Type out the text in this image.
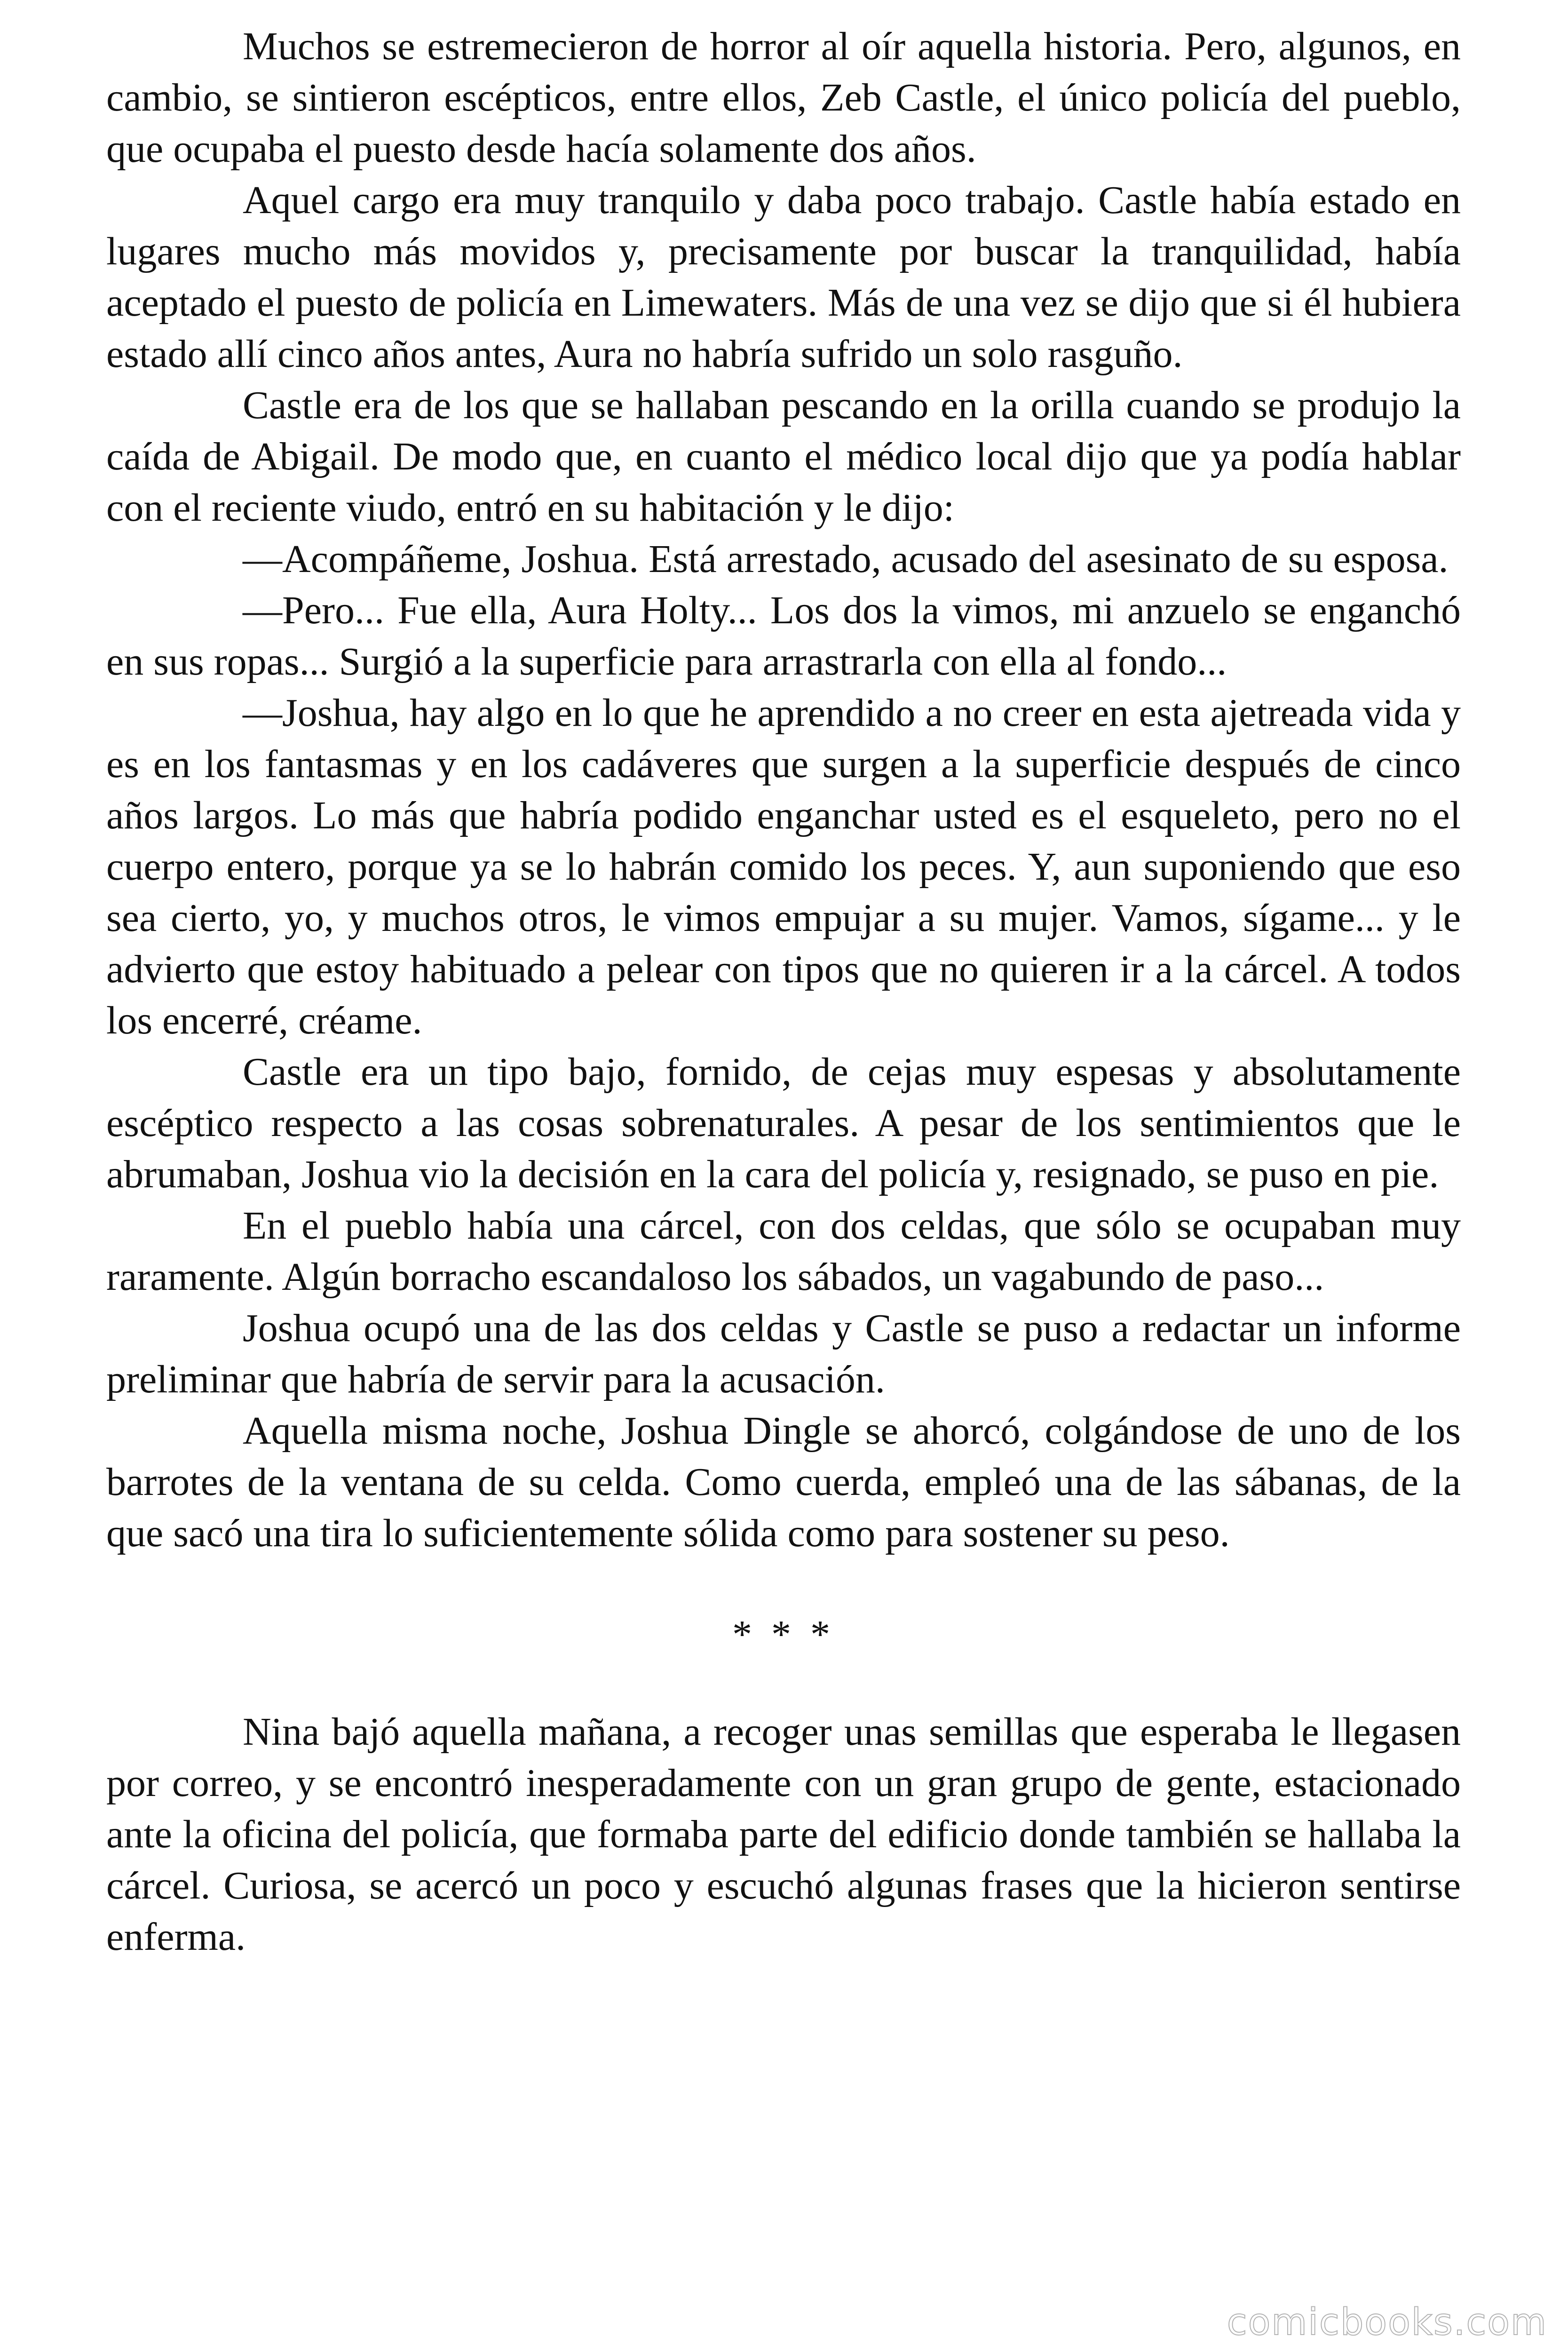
Muchos se estremecieron de horror al oír aquella historia. Pero, algunos, en cambio, se sintieron escépticos, entre ellos, Zeb Castle, el único policía del pueblo, que ocupaba el puesto desde hacía solamente dos años.

Aquel cargo era muy tranquilo y daba poco trabajo. Castle había estado en lugares mucho más movidos y, precisamente por buscar la tranquilidad, había aceptado el puesto de policía en Limewaters. Más de una vez se dijo que si él hubiera estado allí cinco años antes, Aura no habría sufrido un solo rasguño.

Castle era de los que se hallaban pescando en la orilla cuando se produjo la caída de Abigail. De modo que, en cuanto el médico local dijo que ya podía hablar con el reciente viudo, entró en su habitación y le dijo:

—Acompáñeme, Joshua. Está arrestado, acusado del asesinato de su esposa.

—Pero... Fue ella, Aura Holty... Los dos la vimos, mi anzuelo se enganchó en sus ropas... Surgió a la superficie para arrastrarla con ella al fondo...

—Joshua, hay algo en lo que he aprendido a no creer en esta ajetreada vida y es en los fantasmas y en los cadáveres que surgen a la superficie después de cinco años largos. Lo más que habría podido enganchar usted es el esqueleto, pero no el cuerpo entero, porque ya se lo habrán comido los peces. Y, aun suponiendo que eso sea cierto, yo, y muchos otros, le vimos empujar a su mujer. Vamos, sígame... y le advierto que estoy habituado a pelear con tipos que no quieren ir a la cárcel. A todos los encerré, créame.

Castle era un tipo bajo, fornido, de cejas muy espesas y absolutamente escéptico respecto a las cosas sobrenaturales. A pesar de los sentimientos que le abrumaban, Joshua vio la decisión en la cara del policía y, resignado, se puso en pie.

En el pueblo había una cárcel, con dos celdas, que sólo se ocupaban muy raramente. Algún borracho escandaloso los sábados, un vagabundo de paso...

Joshua ocupó una de las dos celdas y Castle se puso a redactar un informe preliminar que habría de servir para la acusación.

Aquella misma noche, Joshua Dingle se ahorcó, colgándose de uno de los barrotes de la ventana de su celda. Como cuerda, empleó una de las sábanas, de la que sacó una tira lo suficientemente sólida como para sostener su peso.

* * *

Nina bajó aquella mañana, a recoger unas semillas que esperaba le llegasen por correo, y se encontró inesperadamente con un gran grupo de gente, estacionado ante la oficina del policía, que formaba parte del edificio donde también se hallaba la cárcel. Curiosa, se acercó un poco y escuchó algunas frases que la hicieron sentirse enferma.

comicbooks.com
